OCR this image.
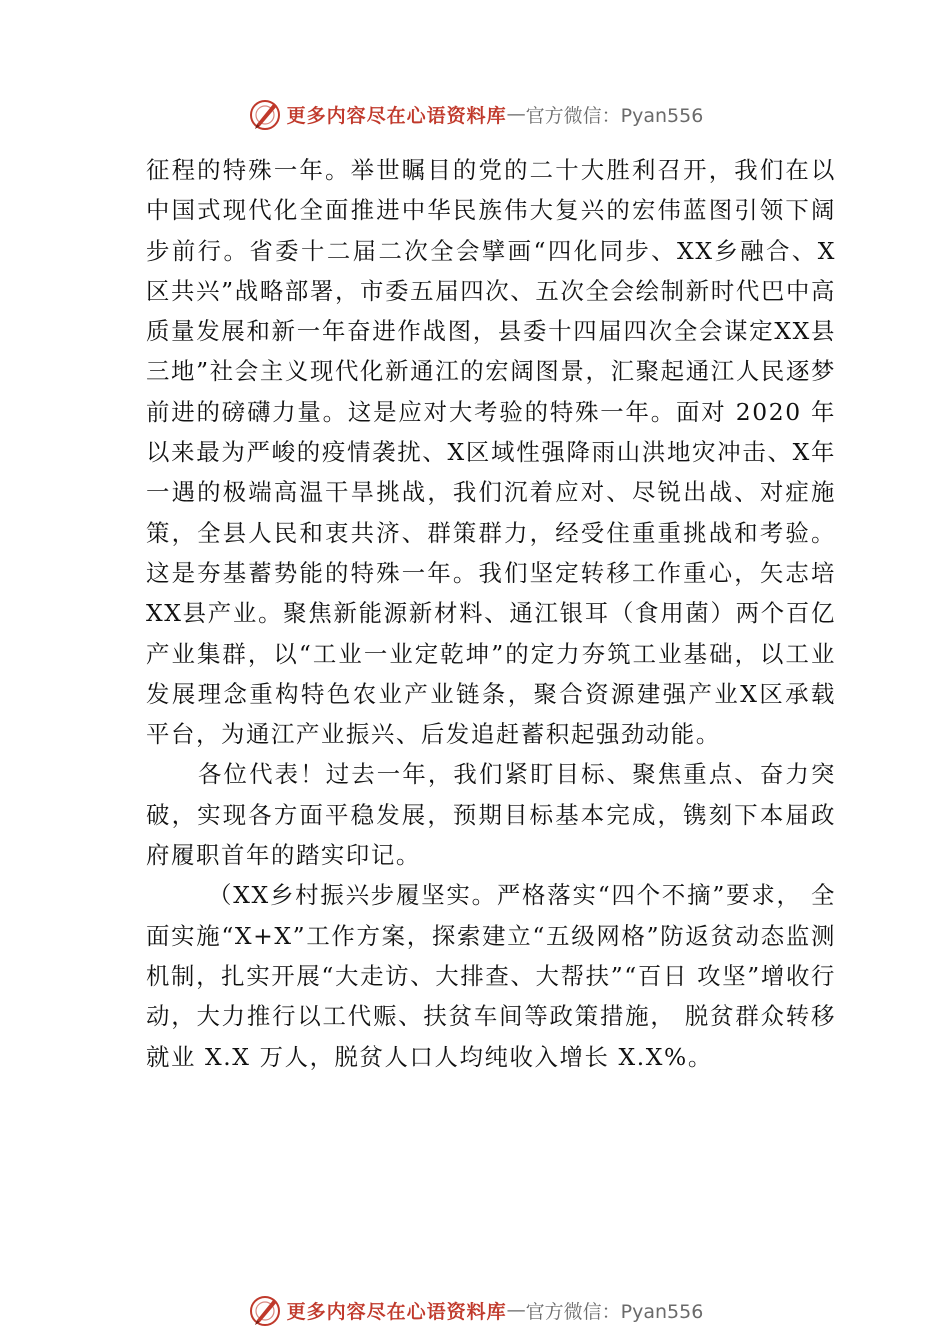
更多内容尽在心语资料库 — 官方微信：Pyan556

征程的特殊一年。举世瞩目的党的二十大胜利召开，我们在以中国式现代化全面推进中华民族伟大复兴的宏伟蓝图引领下阔步前行。省委十二届二次全会擘画“四化同步、XX乡融合、X区共兴”战略部署，市委五届四次、五次全会绘制新时代巴中高质量发展和新一年奋进作战图，县委十四届四次全会谋定XX县三地”社会主义现代化新通江的宏阔图景，汇聚起通江人民逐梦前进的磅礴力量。这是应对大考验的特殊一年。面对 2020 年以来最为严峻的疫情袭扰、X区域性强降雨山洪地灾冲击、X年一遇的极端高温干旱挑战，我们沉着应对、尽锐出战、对症施策，全县人民和衷共济、群策群力，经受住重重挑战和考验。这是夯基蓄势能的特殊一年。我们坚定转移工作重心，矢志培XX县产业。聚焦新能源新材料、通江银耳（食用菌）两个百亿产业集群，以“工业一业定乾坤”的定力夯筑工业基础，以工业发展理念重构特色农业产业链条，聚合资源建强产业X区承载平台，为通江产业振兴、后发追赶蓄积起强劲动能。

各位代表！过去一年，我们紧盯目标、聚焦重点、奋力突破，实现各方面平稳发展，预期目标基本完成，镌刻下本届政府履职首年的踏实印记。

（XX乡村振兴步履坚实。严格落实“四个不摘”要求， 全面实施“X+X”工作方案，探索建立“五级网格”防返贫动态监测机制，扎实开展“大走访、大排查、大帮扶”“百日 攻坚”增收行动，大力推行以工代赈、扶贫车间等政策措施， 脱贫群众转移就业 X.X 万人，脱贫人口人均纯收入增长 X.X%。

更多内容尽在心语资料库 — 官方微信：Pyan556
